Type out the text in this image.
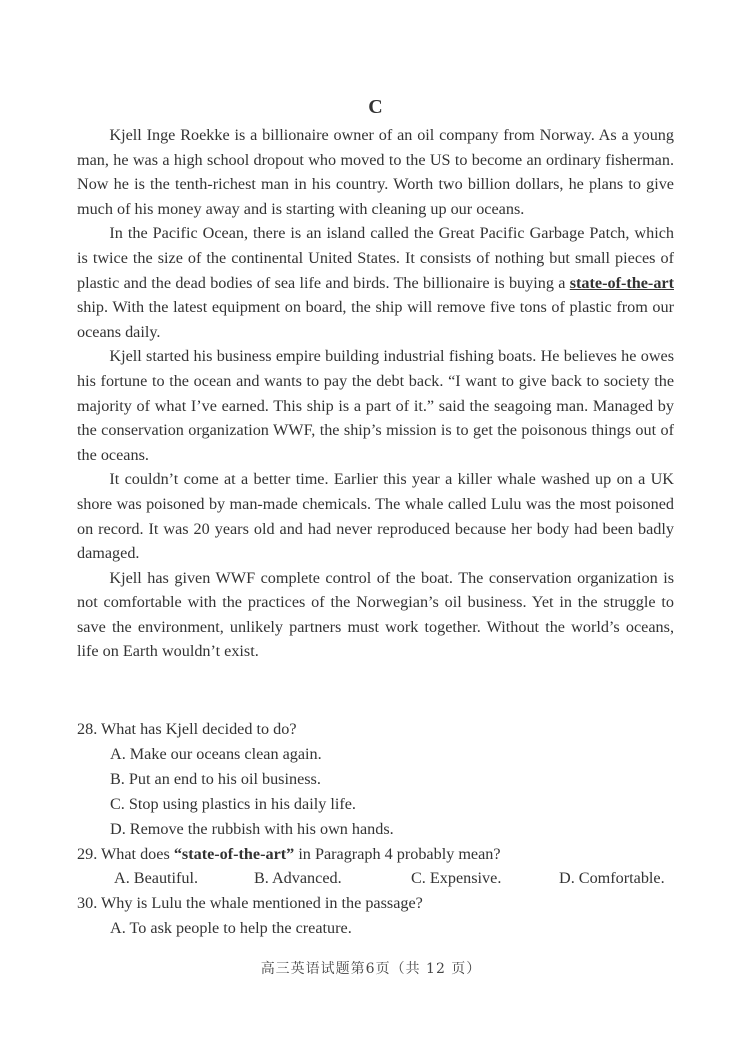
C

Kjell Inge Roekke is a billionaire owner of an oil company from Norway. As a young man, he was a high school dropout who moved to the US to become an ordinary fisherman. Now he is the tenth-richest man in his country. Worth two billion dollars, he plans to give much of his money away and is starting with cleaning up our oceans.

In the Pacific Ocean, there is an island called the Great Pacific Garbage Patch, which is twice the size of the continental United States. It consists of nothing but small pieces of plastic and the dead bodies of sea life and birds. The billionaire is buying a state-of-the-art ship. With the latest equipment on board, the ship will remove five tons of plastic from our oceans daily.

Kjell started his business empire building industrial fishing boats. He believes he owes his fortune to the ocean and wants to pay the debt back. “I want to give back to society the majority of what I’ve earned. This ship is a part of it.” said the seagoing man. Managed by the conservation organization WWF, the ship’s mission is to get the poisonous things out of the oceans.

It couldn’t come at a better time. Earlier this year a killer whale washed up on a UK shore was poisoned by man-made chemicals. The whale called Lulu was the most poisoned on record. It was 20 years old and had never reproduced because her body had been badly damaged.

Kjell has given WWF complete control of the boat. The conservation organization is not comfortable with the practices of the Norwegian’s oil business. Yet in the struggle to save the environment, unlikely partners must work together. Without the world’s oceans, life on Earth wouldn’t exist.

28. What has Kjell decided to do?

A. Make our oceans clean again.

B. Put an end to his oil business.

C. Stop using plastics in his daily life.

D. Remove the rubbish with his own hands.

29. What does “state-of-the-art” in Paragraph 4 probably mean?

A. Beautiful.	B. Advanced.	C. Expensive.	D. Comfortable.

30. Why is Lulu the whale mentioned in the passage?

A. To ask people to help the creature.

高三英语试题第6页（共 12 页）
